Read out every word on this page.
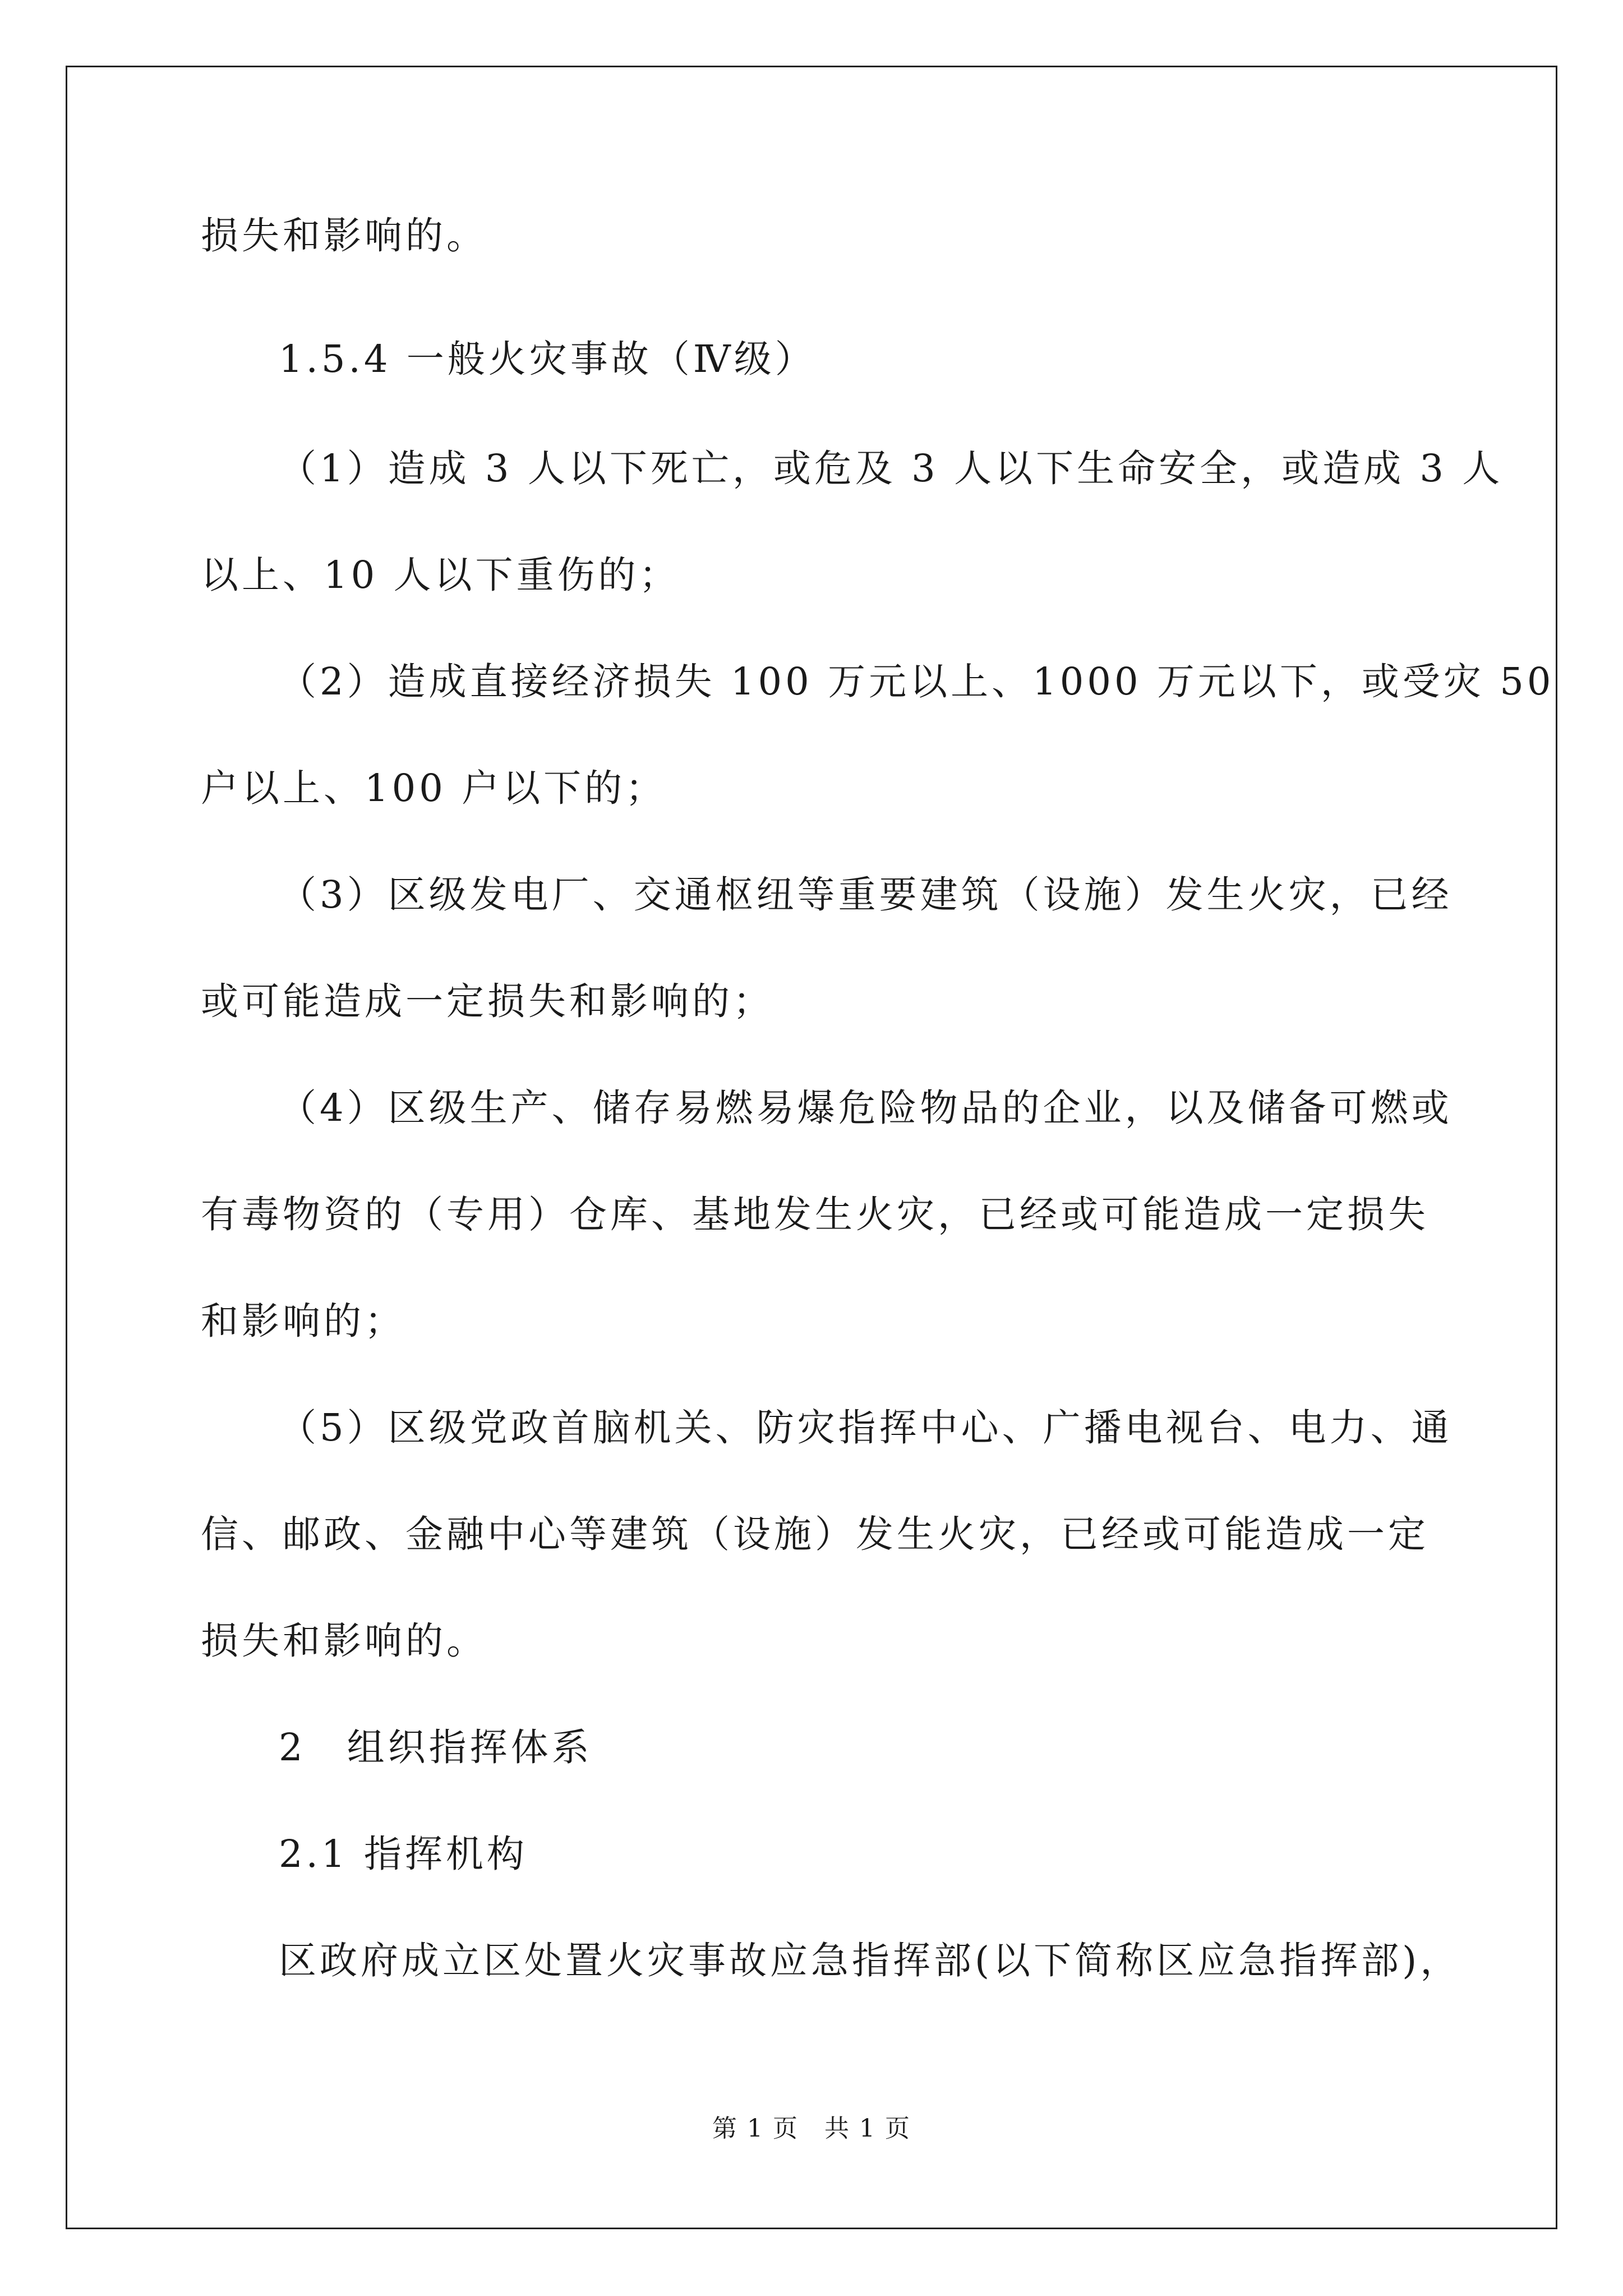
损失和影响的。
1.5.4 一般火灾事故（Ⅳ级）
（1）造成 3 人以下死亡，或危及 3 人以下生命安全，或造成 3 人
以上、10 人以下重伤的；
（2）造成直接经济损失 100 万元以上、1000 万元以下，或受灾 50
户以上、100 户以下的；
（3）区级发电厂、交通枢纽等重要建筑（设施）发生火灾，已经
或可能造成一定损失和影响的；
（4）区级生产、储存易燃易爆危险物品的企业，以及储备可燃或
有毒物资的（专用）仓库、基地发生火灾，已经或可能造成一定损失
和影响的；
（5）区级党政首脑机关、防灾指挥中心、广播电视台、电力、通
信、邮政、金融中心等建筑（设施）发生火灾，已经或可能造成一定
损失和影响的。
2　组织指挥体系
2.1 指挥机构
区政府成立区处置火灾事故应急指挥部(以下简称区应急指挥部)，
第 1 页　共 1 页
